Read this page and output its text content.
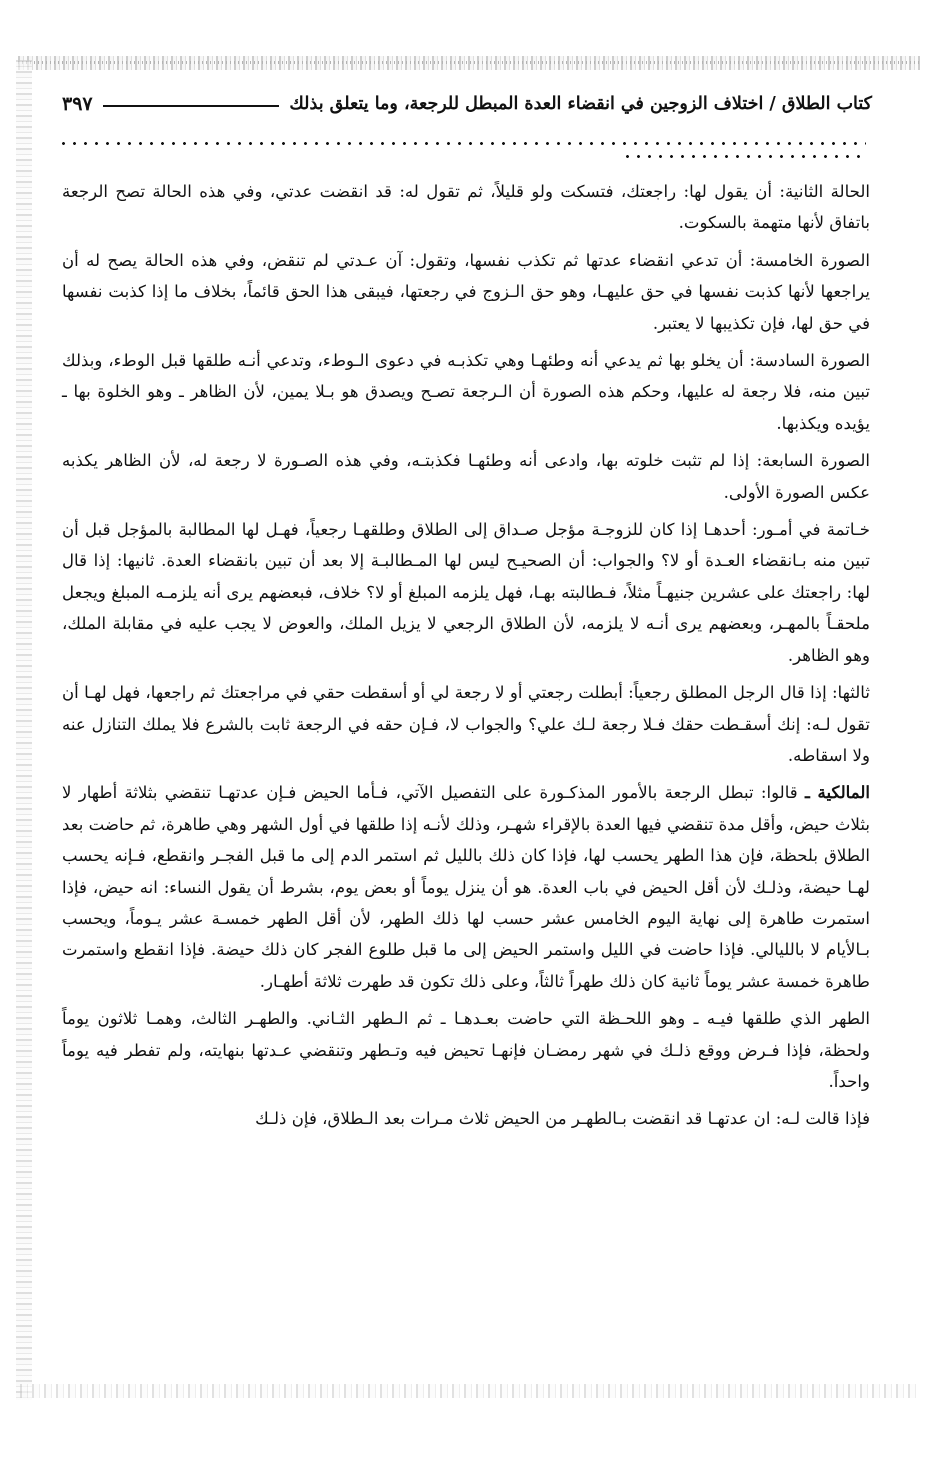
كتاب الطلاق / اختلاف الزوجين في انقضاء العدة المبطل للرجعة، وما يتعلق بذلك
٣٩٧

الحالة الثانية: أن يقول لها: راجعتك، فتسكت ولو قليلاً، ثم تقول له: قد انقضت عدتي، وفي هذه الحالة تصح الرجعة باتفاق لأنها متهمة بالسكوت.

الصورة الخامسة: أن تدعي انقضاء عدتها ثم تكذب نفسها، وتقول: آن عـدتي لم تنقض، وفي هذه الحالة يصح له أن يراجعها لأنها كذبت نفسها في حق عليهـا، وهو حق الـزوج في رجعتها، فيبقى هذا الحق قائماً، بخلاف ما إذا كذبت نفسها في حق لها، فإن تكذيبها لا يعتبر.

الصورة السادسة: أن يخلو بها ثم يدعي أنه وطئهـا وهي تكذبـه في دعوى الـوطء، وتدعي أنـه طلقها قبل الوطء، وبذلك تبين منه، فلا رجعة له عليها، وحكم هذه الصورة أن الـرجعة تصـح ويصدق هو بـلا يمين، لأن الظاهر ـ وهو الخلوة بها ـ يؤيده ويكذبها.

الصورة السابعة: إذا لم تثبت خلوته بها، وادعى أنه وطئهـا فكذبتـه، وفي هذه الصـورة لا رجعة له، لأن الظاهر يكذبه عكس الصورة الأولى.

خـاتمة في أمـور: أحدهـا إذا كان للزوجـة مؤجل صـداق إلى الطلاق وطلقهـا رجعياً، فهـل لها المطالبة بالمؤجل قبل أن تبين منه بـانقضاء العـدة أو لا؟ والجواب: أن الصحيـح ليس لها المـطالبـة إلا بعد أن تبين بانقضاء العدة. ثانيها: إذا قال لها: راجعتك على عشرين جنيهـاً مثلاً، فـطالبته بهـا، فهل يلزمه المبلغ أو لا؟ خلاف، فبعضهم يرى أنه يلزمـه المبلغ ويجعل ملحقـاً بالمهـر، وبعضهم يرى أنـه لا يلزمه، لأن الطلاق الرجعي لا يزيل الملك، والعوض لا يجب عليه في مقابلة الملك، وهو الظاهر.

ثالثها: إذا قال الرجل المطلق رجعياً: أبطلت رجعتي أو لا رجعة لي أو أسقطت حقي في مراجعتك ثم راجعها، فهل لهـا أن تقول لـه: إنك أسقـطت حقك فـلا رجعة لـك علي؟ والجواب لا، فـإن حقه في الرجعة ثابت بالشرع فلا يملك التنازل عنه ولا اسقاطه.

المالكية ـ قالوا: تبطل الرجعة بالأمور المذكـورة على التفصيل الآتي، فـأما الحيض فـإن عدتهـا تنقضي بثلاثة أطهار لا بثلاث حيض، وأقل مدة تنقضي فيها العدة بالإقراء شهـر، وذلك لأنـه إذا طلقها في أول الشهر وهي طاهرة، ثم حاضت بعد الطلاق بلحظة، فإن هذا الطهر يحسب لها، فإذا كان ذلك بالليل ثم استمر الدم إلى ما قبل الفجـر وانقطع، فـإنه يحسب لهـا حيضة، وذلـك لأن أقل الحيض في باب العدة. هو أن ينزل يوماً أو بعض يوم، بشرط أن يقول النساء: انه حيض، فإذا استمرت طاهرة إلى نهاية اليوم الخامس عشر حسب لها ذلك الطهر، لأن أقل الطهر خمسـة عشر يـوماً، ويحسب بـالأيام لا بالليالي. فإذا حاضت في الليل واستمر الحيض إلى ما قبل طلوع الفجر كان ذلك حيضة. فإذا انقطع واستمرت طاهرة خمسة عشر يوماً ثانية كان ذلك طهراً ثالثاً، وعلى ذلك تكون قد طهرت ثلاثة أطهـار.

الطهر الذي طلقها فيـه ـ وهو اللحـظة التي حاضت بعـدهـا ـ ثم الـطهر الثـاني. والطهـر الثالث، وهمـا ثلاثون يوماً ولحظة، فإذا فـرض ووقع ذلـك في شهر رمضـان فإنهـا تحيض فيه وتـطهر وتنقضي عـدتها بنهايته، ولم تفطر فيه يوماً واحداً.

فإذا قالت لـه: ان عدتهـا قد انقضت بـالطهـر من الحيض ثلاث مـرات بعد الـطلاق، فإن ذلـك
